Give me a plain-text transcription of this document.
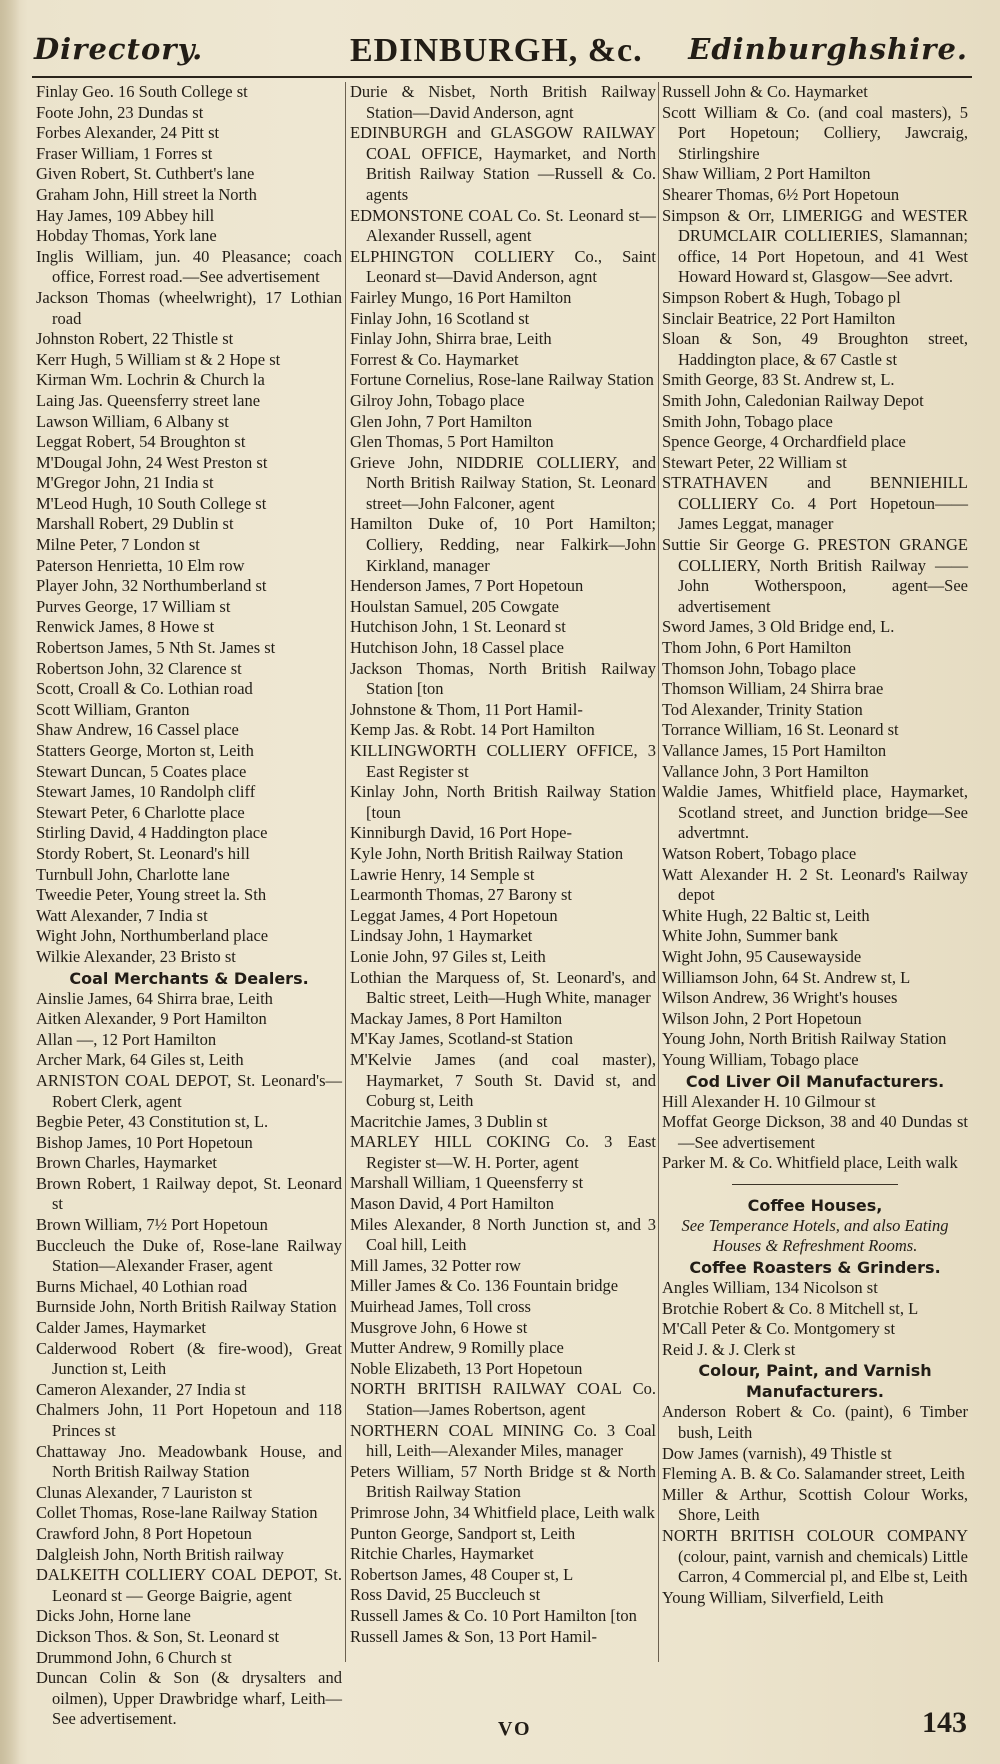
Directory.	EDINBURGH, &c. Edinburghshire.
Finlay Geo. 16 South College st
Foote John, 23 Dundas st
Forbes Alexander, 24 Pitt st
Fraser William, 1 Forres st
Given Robert, St. Cuthbert's lane
Graham John, Hill street la North
Hay James, 109 Abbey hill
Hobday Thomas, York lane
Inglis William, jun. 40 Pleasance; coach office, Forrest road.—See advertisement
Jackson Thomas (wheelwright), 17 Lothian road
Johnston Robert, 22 Thistle st
Kerr Hugh, 5 William st & 2 Hope st
Kirman Wm. Lochrin & Church la
Laing Jas. Queensferry street lane
Lawson William, 6 Albany st
Leggat Robert, 54 Broughton st
M'Dougal John, 24 West Preston st
M'Gregor John, 21 India st
M'Leod Hugh, 10 South College st
Marshall Robert, 29 Dublin st
Milne Peter, 7 London st
Paterson Henrietta, 10 Elm row
Player John, 32 Northumberland st
Purves George, 17 William st
Renwick James, 8 Howe st
Robertson James, 5 Nth St. James st
Robertson John, 32 Clarence st
Scott, Croall & Co. Lothian road
Scott William, Granton
Shaw Andrew, 16 Cassel place
Statters George, Morton st, Leith
Stewart Duncan, 5 Coates place
Stewart James, 10 Randolph cliff
Stewart Peter, 6 Charlotte place
Stirling David, 4 Haddington place
Stordy Robert, St. Leonard's hill
Turnbull John, Charlotte lane
Tweedie Peter, Young street la. Sth
Watt Alexander, 7 India st
Wight John, Northumberland place
Wilkie Alexander, 23 Bristo st
Coal Merchants & Dealers.
Ainslie James, 64 Shirra brae, Leith
Aitken Alexander, 9 Port Hamilton
Allan —, 12 Port Hamilton
Archer Mark, 64 Giles st, Leith
ARNISTON COAL DEPOT, St. Leonard's—Robert Clerk, agent
Begbie Peter, 43 Constitution st, L.
Bishop James, 10 Port Hopetoun
Brown Charles, Haymarket
Brown Robert, 1 Railway depot, St. Leonard st
Brown William, 7½ Port Hopetoun
Buccleuch the Duke of, Rose-lane Railway Station—Alexander Fraser, agent
Burns Michael, 40 Lothian road
Burnside John, North British Railway Station
Calder James, Haymarket
Calderwood Robert (& fire-wood), Great Junction st, Leith
Cameron Alexander, 27 India st
Chalmers John, 11 Port Hopetoun and 118 Princes st
Chattaway Jno. Meadowbank House, and North British Railway Station
Clunas Alexander, 7 Lauriston st
Collet Thomas, Rose-lane Railway Station
Crawford John, 8 Port Hopetoun
Dalgleish John, North British railway
DALKEITH COLLIERY COAL DEPOT, St. Leonard st — George Baigrie, agent
Dicks John, Horne lane
Dickson Thos. & Son, St. Leonard st
Drummond John, 6 Church st
Duncan Colin & Son (& drysalters and oilmen), Upper Drawbridge wharf, Leith—See advertisement.
Durie & Nisbet, North British Railway Station—David Anderson, agnt
EDINBURGH and GLASGOW RAILWAY COAL OFFICE, Haymarket, and North British Railway Station —Russell & Co. agents
EDMONSTONE COAL Co. St. Leonard st—Alexander Russell, agent
ELPHINGTON COLLIERY Co., Saint Leonard st—David Anderson, agnt
Fairley Mungo, 16 Port Hamilton
Finlay John, 16 Scotland st
Finlay John, Shirra brae, Leith
Forrest & Co. Haymarket
Fortune Cornelius, Rose-lane Railway Station
Gilroy John, Tobago place
Glen John, 7 Port Hamilton
Glen Thomas, 5 Port Hamilton
Grieve John, NIDDRIE COLLIERY, and North British Railway Station, St. Leonard street—John Falconer, agent
Hamilton Duke of, 10 Port Hamilton; Colliery, Redding, near Falkirk—John Kirkland, manager
Henderson James, 7 Port Hopetoun
Houlstan Samuel, 205 Cowgate
Hutchison John, 1 St. Leonard st
Hutchison John, 18 Cassel place
Jackson Thomas, North British Railway Station [ton
Johnstone & Thom, 11 Port Hamil-
Kemp Jas. & Robt. 14 Port Hamilton
KILLINGWORTH COLLIERY OFFICE, 3 East Register st
Kinlay John, North British Railway Station [toun
Kinniburgh David, 16 Port Hope-
Kyle John, North British Railway Station
Lawrie Henry, 14 Semple st
Learmonth Thomas, 27 Barony st
Leggat James, 4 Port Hopetoun
Lindsay John, 1 Haymarket
Lonie John, 97 Giles st, Leith
Lothian the Marquess of, St. Leonard's, and Baltic street, Leith—Hugh White, manager
Mackay James, 8 Port Hamilton
M'Kay James, Scotland-st Station
M'Kelvie James (and coal master), Haymarket, 7 South St. David st, and Coburg st, Leith
Macritchie James, 3 Dublin st
MARLEY HILL COKING Co. 3 East Register st—W. H. Porter, agent
Marshall William, 1 Queensferry st
Mason David, 4 Port Hamilton
Miles Alexander, 8 North Junction st, and 3 Coal hill, Leith
Mill James, 32 Potter row
Miller James & Co. 136 Fountain bridge
Muirhead James, Toll cross
Musgrove John, 6 Howe st
Mutter Andrew, 9 Romilly place
Noble Elizabeth, 13 Port Hopetoun
NORTH BRITISH RAILWAY COAL Co. Station—James Robertson, agent
NORTHERN COAL MINING Co. 3 Coal hill, Leith—Alexander Miles, manager
Peters William, 57 North Bridge st & North British Railway Station
Primrose John, 34 Whitfield place, Leith walk
Punton George, Sandport st, Leith
Ritchie Charles, Haymarket
Robertson James, 48 Couper st, L
Ross David, 25 Buccleuch st
Russell James & Co. 10 Port Hamilton [ton
Russell James & Son, 13 Port Hamil-
Russell John & Co. Haymarket
Scott William & Co. (and coal masters), 5 Port Hopetoun; Colliery, Jawcraig, Stirlingshire
Shaw William, 2 Port Hamilton
Shearer Thomas, 6½ Port Hopetoun
Simpson & Orr, LIMERIGG and WESTER DRUMCLAIR COLLIERIES, Slamannan; office, 14 Port Hopetoun, and 41 West Howard Howard st, Glasgow—See advrt.
Simpson Robert & Hugh, Tobago pl
Sinclair Beatrice, 22 Port Hamilton
Sloan & Son, 49 Broughton street, Haddington place, & 67 Castle st
Smith George, 83 St. Andrew st, L.
Smith John, Caledonian Railway Depot
Smith John, Tobago place
Spence George, 4 Orchardfield place
Stewart Peter, 22 William st
STRATHAVEN and BENNIEHILL COLLIERY Co. 4 Port Hopetoun—— James Leggat, manager
Suttie Sir George G. PRESTON GRANGE COLLIERY, North British Railway —— John Wotherspoon, agent—See advertisement
Sword James, 3 Old Bridge end, L.
Thom John, 6 Port Hamilton
Thomson John, Tobago place
Thomson William, 24 Shirra brae
Tod Alexander, Trinity Station
Torrance William, 16 St. Leonard st
Vallance James, 15 Port Hamilton
Vallance John, 3 Port Hamilton
Waldie James, Whitfield place, Haymarket, Scotland street, and Junction bridge—See advertmnt.
Watson Robert, Tobago place
Watt Alexander H. 2 St. Leonard's Railway depot
White Hugh, 22 Baltic st, Leith
White John, Summer bank
Wight John, 95 Causewayside
Williamson John, 64 St. Andrew st, L
Wilson Andrew, 36 Wright's houses
Wilson John, 2 Port Hopetoun
Young John, North British Railway Station
Young William, Tobago place
Cod Liver Oil Manufacturers.
Hill Alexander H. 10 Gilmour st
Moffat George Dickson, 38 and 40 Dundas st—See advertisement
Parker M. & Co. Whitfield place, Leith walk
Coffee Houses,
See Temperance Hotels, and also Eating Houses & Refreshment Rooms.
Coffee Roasters & Grinders.
Angles William, 134 Nicolson st
Brotchie Robert & Co. 8 Mitchell st, L
M'Call Peter & Co. Montgomery st
Reid J. & J. Clerk st
Colour, Paint, and Varnish Manufacturers.
Anderson Robert & Co. (paint), 6 Timber bush, Leith
Dow James (varnish), 49 Thistle st
Fleming A. B. & Co. Salamander street, Leith
Miller & Arthur, Scottish Colour Works, Shore, Leith
NORTH BRITISH COLOUR COMPANY (colour, paint, varnish and chemicals) Little Carron, 4 Commercial pl, and Elbe st, Leith
Young William, Silverfield, Leith
VO	143
